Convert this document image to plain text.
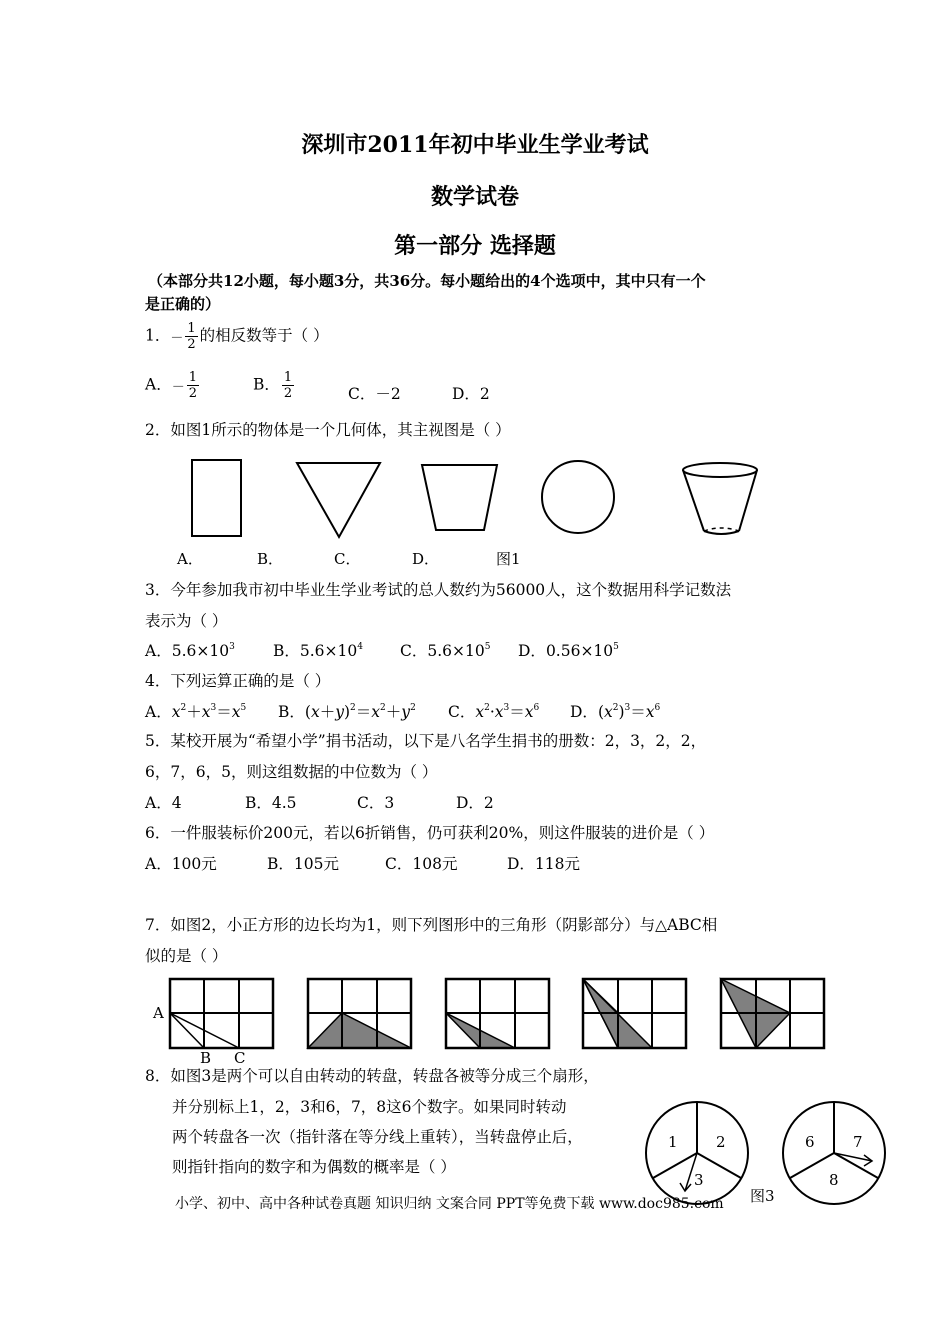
深圳市2011年初中毕业生学业考试
数学试卷
第一部分 选择题
（本部分共12小题，每小题3分，共36分。每小题给出的4个选项中，其中只有一个
是正确的）
1．－ $\frac{1}{2}$ 的相反数等于（ ）
A．－ $\frac{1}{2}$	B． $\frac{1}{2}$	C．－2	D．2
2．如图1所示的物体是一个几何体，其主视图是（ ）
A．	B．	C．	D．	图1
3．今年参加我市初中毕业生学业考试的总人数约为56000人，这个数据用科学记数法
表示为（ ）
A．$5.6\times 10^3$ B．$5.6\times 10^4$ C．$5.6\times 10^5$ D．$0.56\times 10^5$
4．下列运算正确的是（ ）
A．$x^2+x^3=x^5$ B．$(x+y)^2=x^2+y^2$ C．$x^2\cdot x^3=x^6$ D．$(x^2)^3=x^6$
5．某校开展为“希望小学”捐书活动，以下是八名学生捐书的册数：2，3，2，2，
6，7，6，5，则这组数据的中位数为（ ）
A．4	B．4.5	C．3	D．2
6．一件服装标价200元，若以6折销售，仍可获利20%，则这件服装的进价是（ ）
A．100元	B．105元	C．108元	D．118元
7．如图2，小正方形的边长均为1，则下列图形中的三角形（阴影部分）与△ABC相
似的是（ ）
A
B C
8．如图3是两个可以自由转动的转盘，转盘各被等分成三个扇形，
并分别标上1，2，3和6，7，8这6个数字。如果同时转动
两个转盘各一次（指针落在等分线上重转），当转盘停止后，
则指针指向的数字和为偶数的概率是（ ）
1	2
3
6	7
8
图3
小学、初中、高中各种试卷真题 知识归纳 文案合同 PPT等免费下载 www.doc985.com
